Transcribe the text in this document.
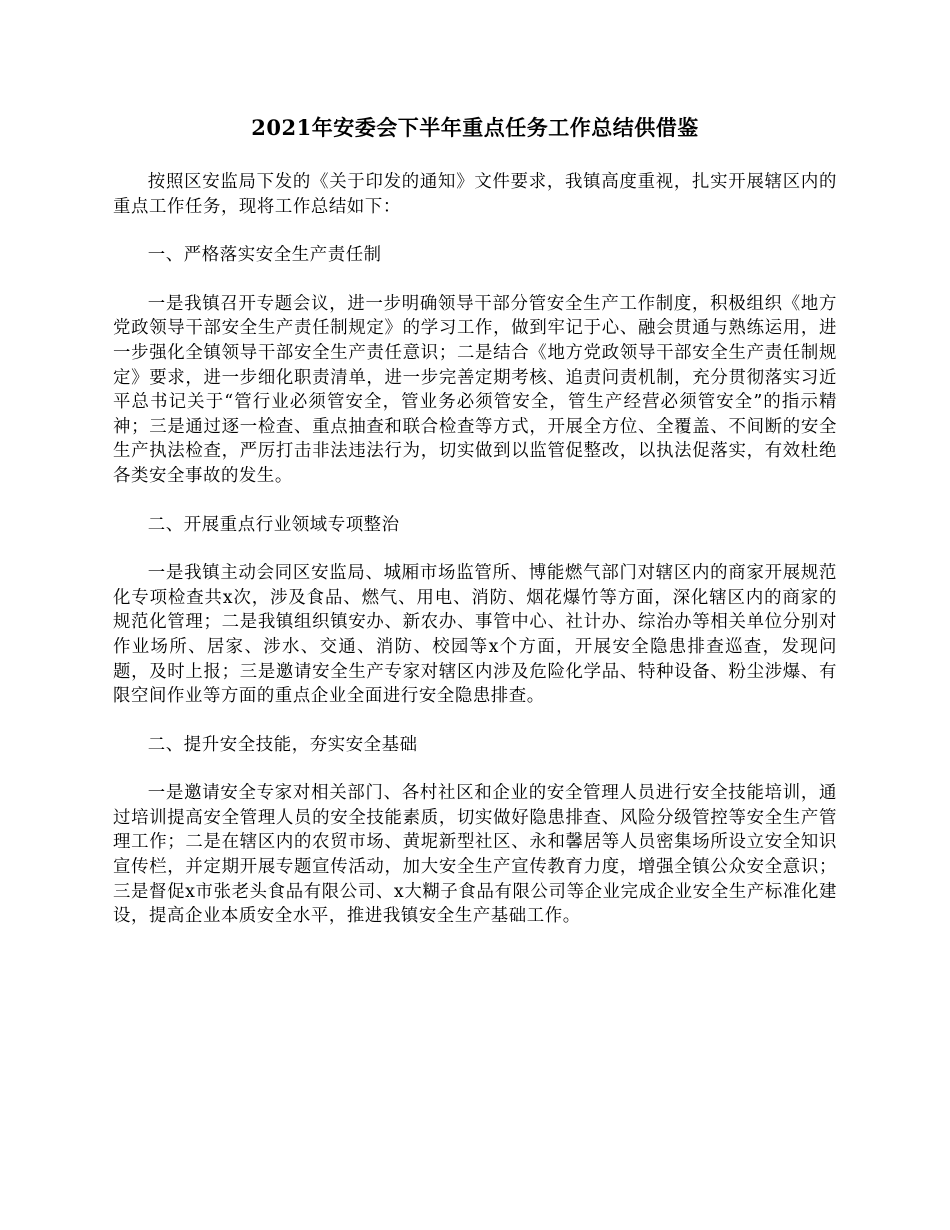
2021年安委会下半年重点任务工作总结供借鉴

按照区安监局下发的《关于印发的通知》文件要求，我镇高度重视，扎实开展辖区内的重点工作任务，现将工作总结如下：

一、严格落实安全生产责任制

一是我镇召开专题会议，进一步明确领导干部分管安全生产工作制度，积极组织《地方党政领导干部安全生产责任制规定》的学习工作，做到牢记于心、融会贯通与熟练运用，进一步强化全镇领导干部安全生产责任意识；二是结合《地方党政领导干部安全生产责任制规定》要求，进一步细化职责清单，进一步完善定期考核、追责问责机制，充分贯彻落实习近平总书记关于“管行业必须管安全，管业务必须管安全，管生产经营必须管安全”的指示精神；三是通过逐一检查、重点抽查和联合检查等方式，开展全方位、全覆盖、不间断的安全生产执法检查，严厉打击非法违法行为，切实做到以监管促整改，以执法促落实，有效杜绝各类安全事故的发生。

二、开展重点行业领域专项整治

一是我镇主动会同区安监局、城厢市场监管所、博能燃气部门对辖区内的商家开展规范化专项检查共x次，涉及食品、燃气、用电、消防、烟花爆竹等方面，深化辖区内的商家的规范化管理；二是我镇组织镇安办、新农办、事管中心、社计办、综治办等相关单位分别对作业场所、居家、涉水、交通、消防、校园等x个方面，开展安全隐患排查巡查，发现问题，及时上报；三是邀请安全生产专家对辖区内涉及危险化学品、特种设备、粉尘涉爆、有限空间作业等方面的重点企业全面进行安全隐患排查。

二、提升安全技能，夯实安全基础

一是邀请安全专家对相关部门、各村社区和企业的安全管理人员进行安全技能培训，通过培训提高安全管理人员的安全技能素质，切实做好隐患排查、风险分级管控等安全生产管理工作；二是在辖区内的农贸市场、黄坭新型社区、永和馨居等人员密集场所设立安全知识宣传栏，并定期开展专题宣传活动，加大安全生产宣传教育力度，增强全镇公众安全意识；三是督促x市张老头食品有限公司、x大糊子食品有限公司等企业完成企业安全生产标准化建设，提高企业本质安全水平，推进我镇安全生产基础工作。
